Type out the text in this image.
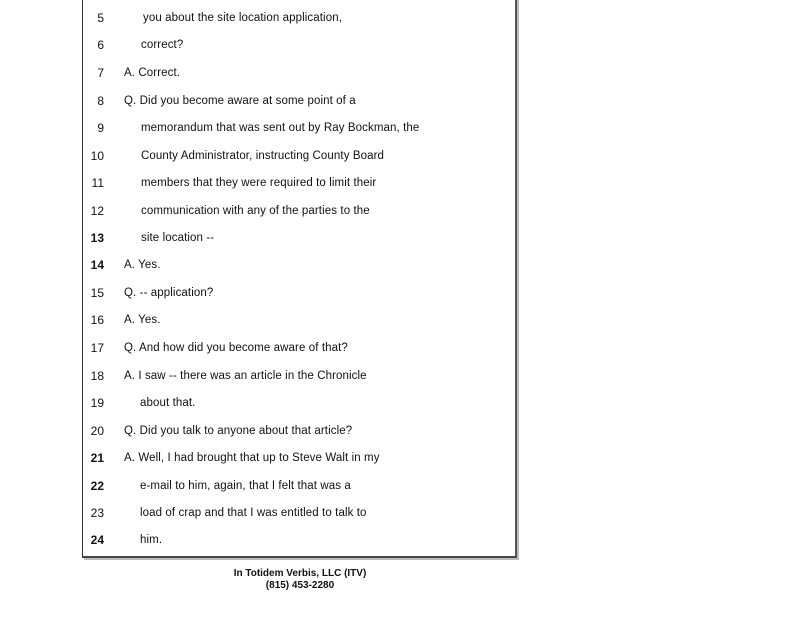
5	you about the site location application,
6	correct?
7 A. Correct.
8 Q. Did you become aware at some point of a
9	memorandum that was sent out by Ray Bockman, the
10	County Administrator, instructing County Board
11	members that they were required to limit their
12	communication with any of the parties to the
13	site location --
14 A. Yes.
15 Q. -- application?
16 A. Yes.
17 Q. And how did you become aware of that?
18 A. I saw -- there was an article in the Chronicle
19	about that.
20 Q. Did you talk to anyone about that article?
21 A. Well, I had brought that up to Steve Walt in my
22	e-mail to him, again, that I felt that was a
23	load of crap and that I was entitled to talk to
24	him.
In Totidem Verbis, LLC (ITV)
(815) 453-2280
